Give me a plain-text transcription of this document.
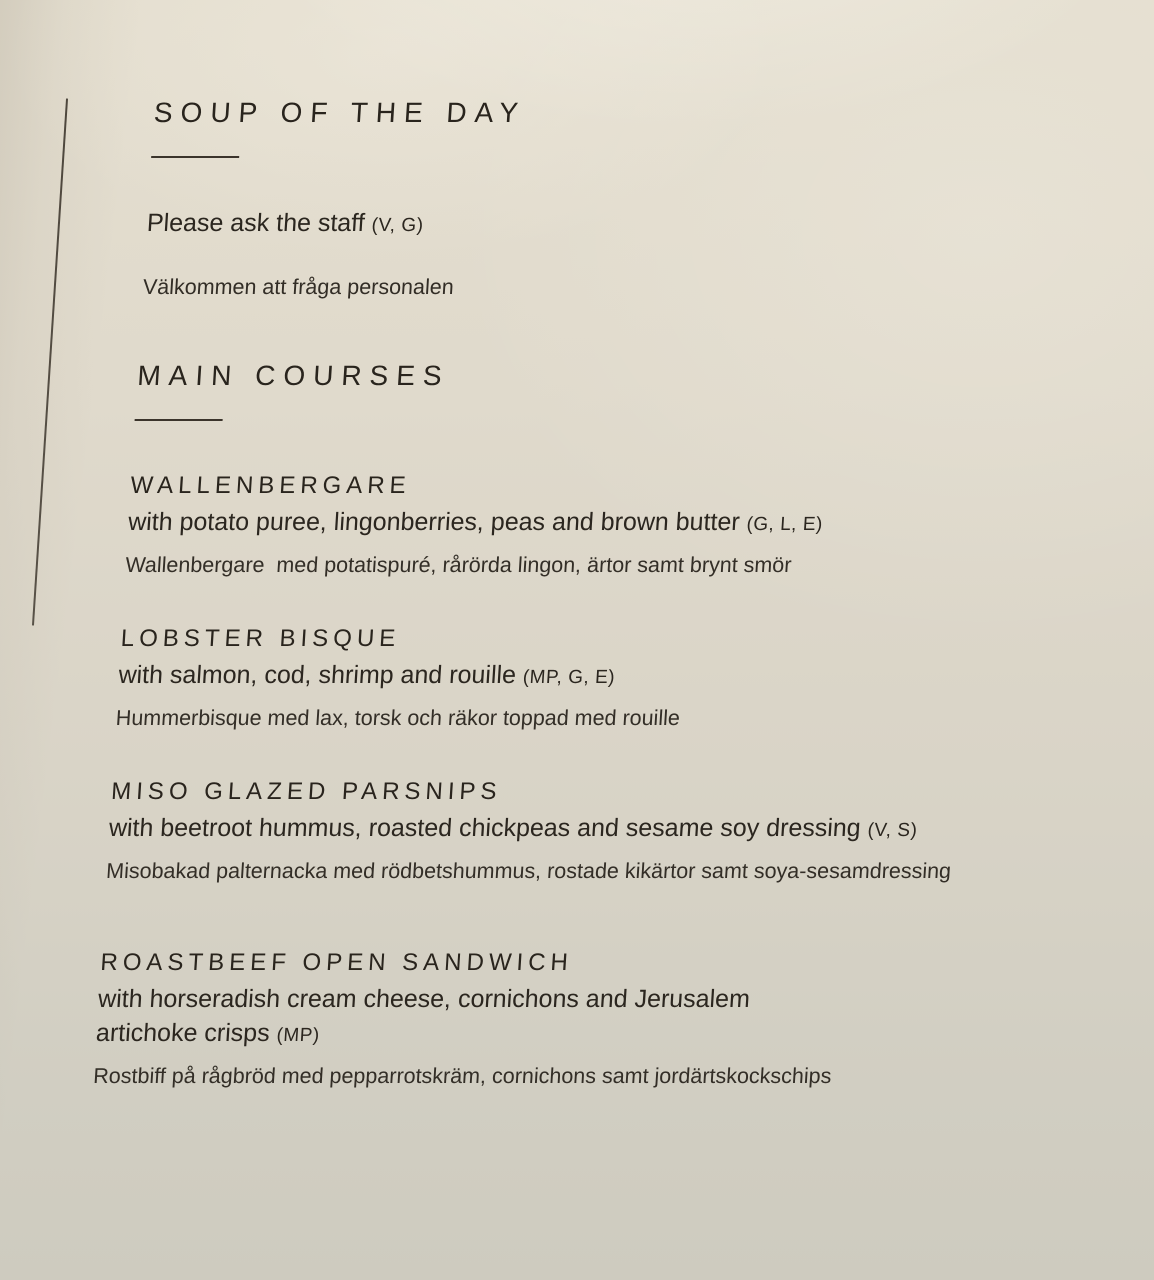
SOUP OF THE DAY
Please ask the staff (V, G)
Välkommen att fråga personalen
MAIN COURSES
WALLENBERGARE
with potato puree, lingonberries, peas and brown butter (G, L, E)
Wallenbergare  med potatispuré, rårörda lingon, ärtor samt brynt smör
LOBSTER BISQUE
with salmon, cod, shrimp and rouille (MP, G, E)
Hummerbisque med lax, torsk och räkor toppad med rouille
MISO GLAZED PARSNIPS
with beetroot hummus, roasted chickpeas and sesame soy dressing (V, S)
Misobakad palternacka med rödbetshummus, rostade kikärtor samt soya-sesamdressing
ROASTBEEF OPEN SANDWICH
with horseradish cream cheese, cornichons and Jerusalem
artichoke crisps (MP)
Rostbiff på rågbröd med pepparrotskräm, cornichons samt jordärtskockschips
